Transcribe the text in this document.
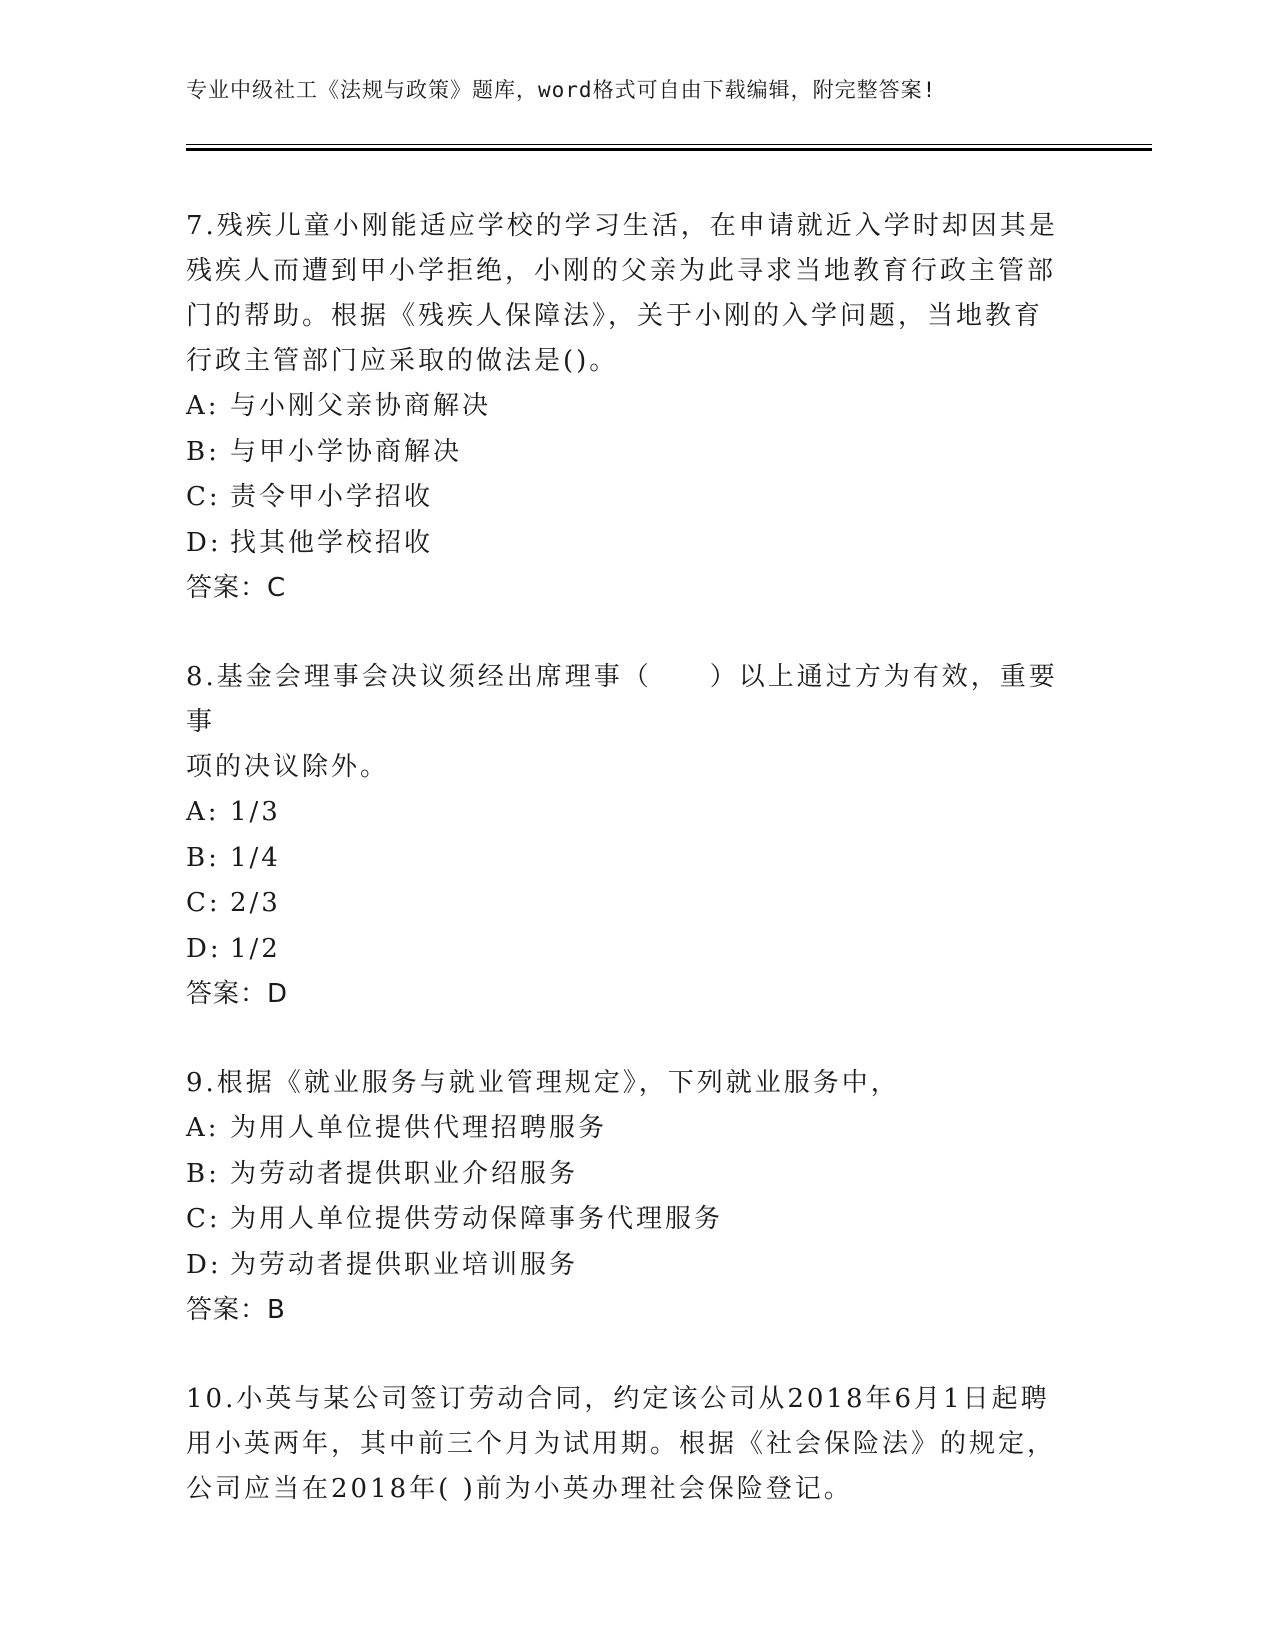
专业中级社工《法规与政策》题库，word格式可自由下载编辑，附完整答案!

7.残疾儿童小刚能适应学校的学习生活，在申请就近入学时却因其是
残疾人而遭到甲小学拒绝，小刚的父亲为此寻求当地教育行政主管部
门的帮助。根据《残疾人保障法》，关于小刚的入学问题，当地教育
行政主管部门应采取的做法是()。

A: 与小刚父亲协商解决

B: 与甲小学协商解决

C: 责令甲小学招收

D: 找其他学校招收

答案：C

8.基金会理事会决议须经出席理事（　　）以上通过方为有效，重要事
项的决议除外。

A: 1/3

B: 1/4

C: 2/3

D: 1/2

答案：D

9.根据《就业服务与就业管理规定》，下列就业服务中，

A: 为用人单位提供代理招聘服务

B: 为劳动者提供职业介绍服务

C: 为用人单位提供劳动保障事务代理服务

D: 为劳动者提供职业培训服务

答案：B

10.小英与某公司签订劳动合同，约定该公司从2018年6月1日起聘
用小英两年，其中前三个月为试用期。根据《社会保险法》的规定，
公司应当在2018年( )前为小英办理社会保险登记。
